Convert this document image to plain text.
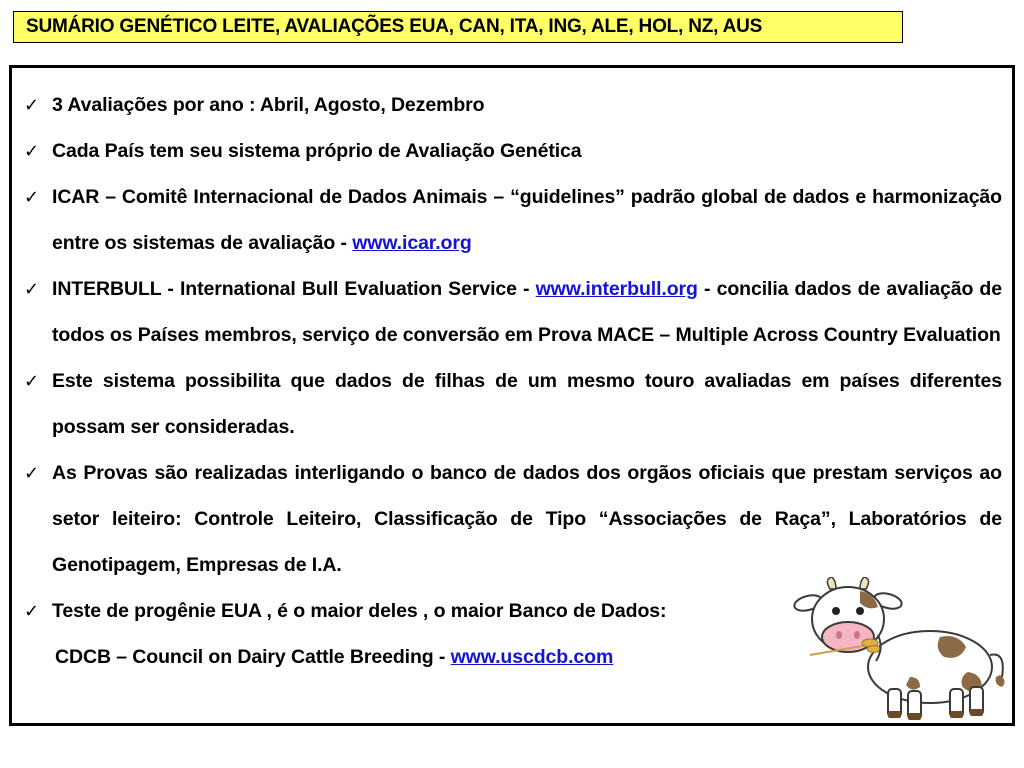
SUMÁRIO GENÉTICO LEITE, AVALIAÇÕES EUA, CAN, ITA, ING, ALE, HOL, NZ, AUS
✓ 3 Avaliações por ano : Abril, Agosto, Dezembro
✓ Cada País tem seu sistema próprio de Avaliação Genética
✓ ICAR – Comitê Internacional de Dados Animais – “guidelines” padrão global de dados e harmonização entre os sistemas de avaliação - www.icar.org
✓ INTERBULL - International Bull Evaluation Service - www.interbull.org - concilia dados de avaliação de todos os Países membros, serviço de conversão em Prova MACE – Multiple Across Country Evaluation
✓ Este sistema possibilita que dados de filhas de um mesmo touro avaliadas em países diferentes possam ser consideradas.
✓ As Provas são realizadas interligando o banco de dados dos orgãos oficiais que prestam serviços ao setor leiteiro: Controle Leiteiro, Classificação de Tipo “Associações de Raça”, Laboratórios de Genotipagem, Empresas de I.A.
✓ Teste de progênie EUA , é o maior deles , o maior Banco de Dados:
CDCB – Council on Dairy Cattle Breeding - www.uscdcb.com
